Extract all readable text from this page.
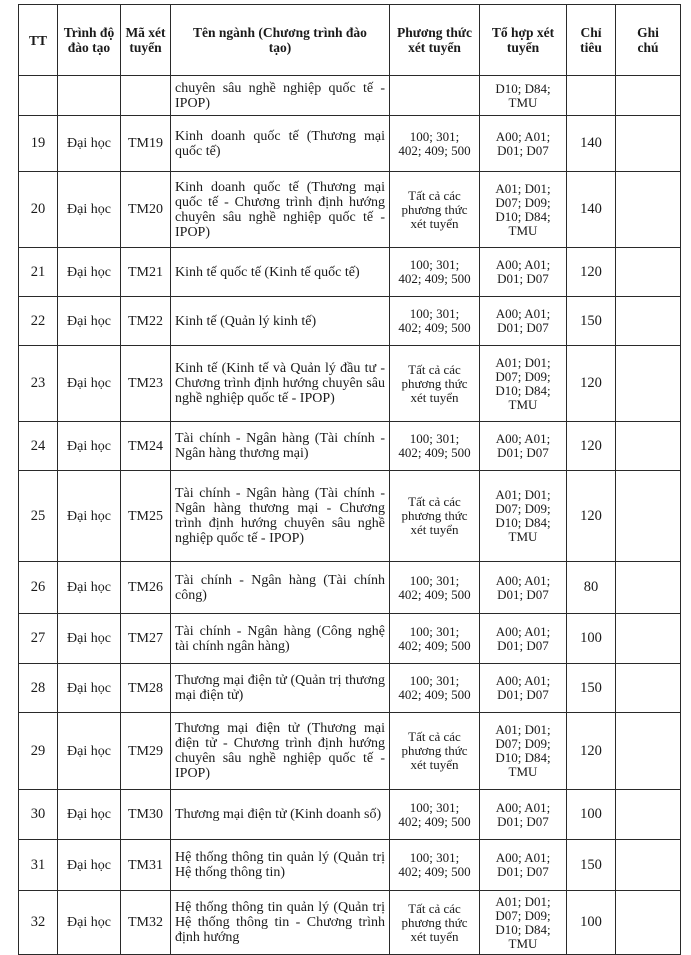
TT	Trình độ đào tạo	Mã xét tuyển	Tên ngành (Chương trình đào tạo)	Phương thức xét tuyển	Tổ hợp xét tuyển	Chỉ tiêu	Ghi chú
			chuyên sâu nghề nghiệp quốc tế - IPOP)		D10; D84; TMU		
19	Đại học	TM19	Kinh doanh quốc tế (Thương mại quốc tế)	100; 301; 402; 409; 500	A00; A01; D01; D07	140	
20	Đại học	TM20	Kinh doanh quốc tế (Thương mại quốc tế - Chương trình định hướng chuyên sâu nghề nghiệp quốc tế - IPOP)	Tất cả các phương thức xét tuyển	A01; D01; D07; D09; D10; D84; TMU	140	
21	Đại học	TM21	Kinh tế quốc tế (Kinh tế quốc tế)	100; 301; 402; 409; 500	A00; A01; D01; D07	120	
22	Đại học	TM22	Kinh tế (Quản lý kinh tế)	100; 301; 402; 409; 500	A00; A01; D01; D07	150	
23	Đại học	TM23	Kinh tế (Kinh tế và Quản lý đầu tư - Chương trình định hướng chuyên sâu nghề nghiệp quốc tế - IPOP)	Tất cả các phương thức xét tuyển	A01; D01; D07; D09; D10; D84; TMU	120	
24	Đại học	TM24	Tài chính - Ngân hàng (Tài chính - Ngân hàng thương mại)	100; 301; 402; 409; 500	A00; A01; D01; D07	120	
25	Đại học	TM25	Tài chính - Ngân hàng (Tài chính - Ngân hàng thương mại - Chương trình định hướng chuyên sâu nghề nghiệp quốc tế - IPOP)	Tất cả các phương thức xét tuyển	A01; D01; D07; D09; D10; D84; TMU	120	
26	Đại học	TM26	Tài chính - Ngân hàng (Tài chính công)	100; 301; 402; 409; 500	A00; A01; D01; D07	80	
27	Đại học	TM27	Tài chính - Ngân hàng (Công nghệ tài chính ngân hàng)	100; 301; 402; 409; 500	A00; A01; D01; D07	100	
28	Đại học	TM28	Thương mại điện tử (Quản trị thương mại điện tử)	100; 301; 402; 409; 500	A00; A01; D01; D07	150	
29	Đại học	TM29	Thương mại điện tử (Thương mại điện tử - Chương trình định hướng chuyên sâu nghề nghiệp quốc tế - IPOP)	Tất cả các phương thức xét tuyển	A01; D01; D07; D09; D10; D84; TMU	120	
30	Đại học	TM30	Thương mại điện tử (Kinh doanh số)	100; 301; 402; 409; 500	A00; A01; D01; D07	100	
31	Đại học	TM31	Hệ thống thông tin quản lý (Quản trị Hệ thống thông tin)	100; 301; 402; 409; 500	A00; A01; D01; D07	150	
32	Đại học	TM32	Hệ thống thông tin quản lý (Quản trị Hệ thống thông tin - Chương trình định hướng	Tất cả các phương thức xét tuyển	A01; D01; D07; D09; D10; D84; TMU	100	
